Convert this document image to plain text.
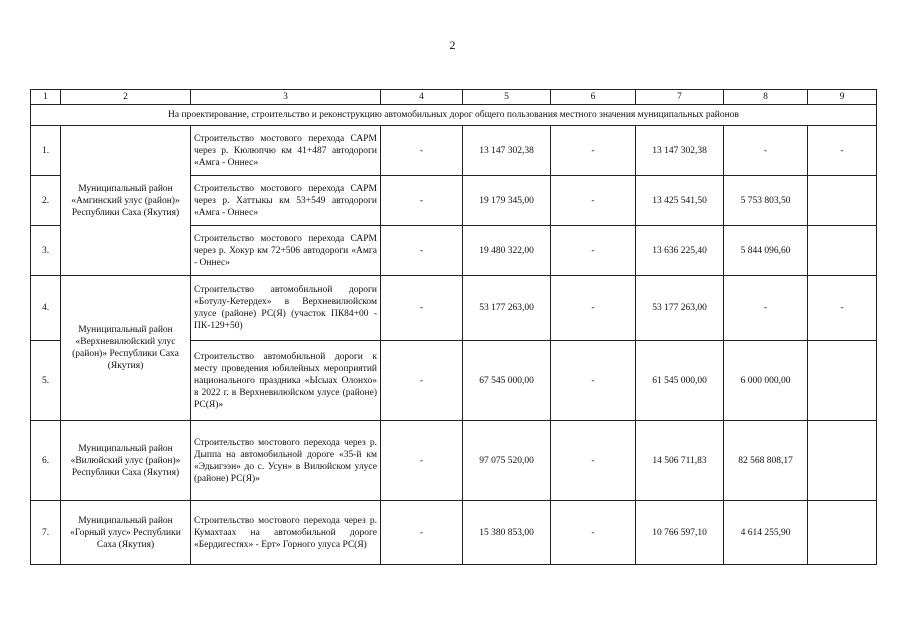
2
1	2	3	4	5	6	7	8	9
На проектирование, строительство и реконструкцию автомобильных дорог общего пользования местного значения муниципальных районов								
1.	Муниципальный район «Амгинский улус (район)» Республики Саха (Якутия)	Строительство мостового перехода САРМ через р. Кюлюпчю км 41+487 автодороги «Амга - Оннес»	-	13 147 302,38	-	13 147 302,38	-	-
2.		Строительство мостового перехода САРМ через р. Хаттыкы км 53+549 автодороги «Амга - Оннес»	-	19 179 345,00	-	13 425 541,50	5 753 803,50	
3.		Строительство мостового перехода САРМ через р. Хокур км 72+506 автодороги «Амга - Оннес»	-	19 480 322,00	-	13 636 225,40	5 844 096,60	
4.	Муниципальный район «Верхневилюйский улус (район)» Республики Саха (Якутия)	Строительство автомобильной дороги «Ботулу-Кетердех» в Верхневилюйском улусе (районе) РС(Я) (участок ПК84+00 - ПК-129+50)	-	53 177 263,00	-	53 177 263,00	-	-
5.		Строительство автомобильной дороги к месту проведения юбилейных мероприятий национального праздника «Ысыах Олонхо» в 2022 г. в Верхневилюйском улусе (районе) РС(Я)»	-	67 545 000,00	-	61 545 000,00	6 000 000,00	
6.	Муниципальный район «Вилюйский улус (район)» Республики Саха (Якутия)	Строительство мостового перехода через р. Дыппа на автомобильной дороге «35-й км «Эдьигээн» до с. Усун» в Вилюйском улусе (районе) РС(Я)»	-	97 075 520,00	-	14 506 711,83	82 568 808,17	
7.	Муниципальный район «Горный улус» Республики Саха (Якутия)	Строительство мостового перехода через р. Кумахтаах на автомобильной дороге «Бердигестях» - Ерт» Горного улуса РС(Я)	-	15 380 853,00	-	10 766 597,10	4 614 255,90	
